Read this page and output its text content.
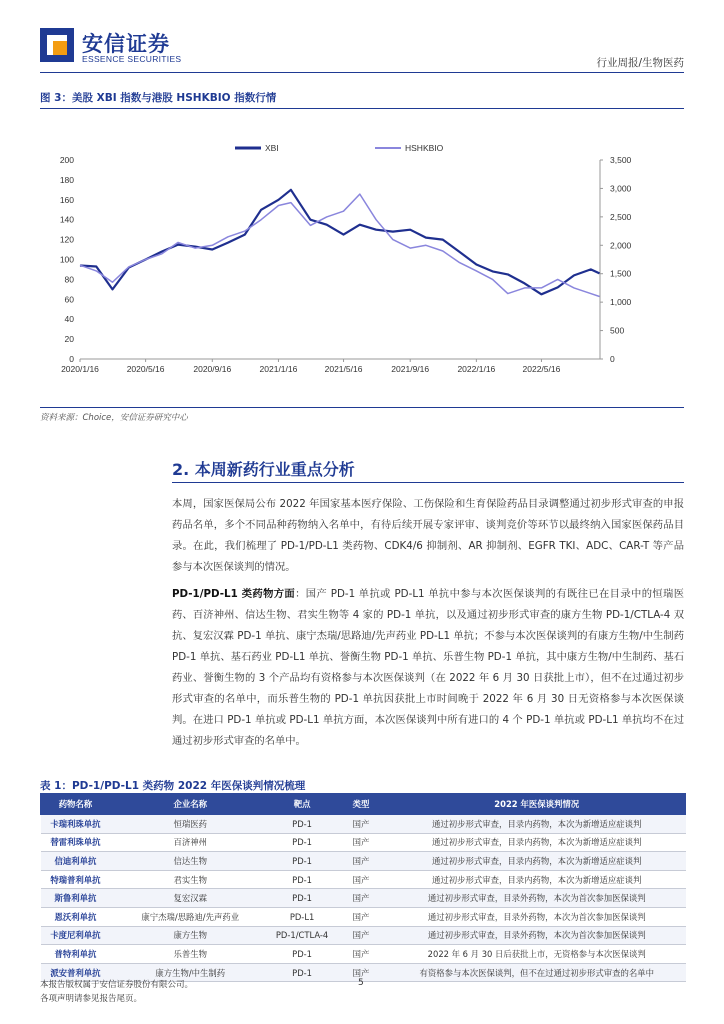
安信证券
ESSENCE SECURITIES	行业周报/生物医药
图 3：美股 XBI 指数与港股 HSHKBIO 指数行情
2020/1/16	2020/5/16	2020/9/16	2021/1/16	2021/5/16	2021/9/16	2022/1/16	2022/5/16
0
20
40
60
80
100
120
140
160
180
200
0
500
1,000
1,500
2,000
2,500
3,000
3,500
XBI	HSHKBIO
资料来源：Choice，安信证券研究中心
2. 本周新药行业重点分析
本周，国家医保局公布 2022 年国家基本医疗保险、工伤保险和生育保险药品目录调整通过初步形式审查的申报药品名单，多个不同品种药物纳入名单中，有待后续开展专家评审、谈判竞价等环节以最终纳入国家医保药品目录。在此，我们梳理了 PD-1/PD-L1 类药物、CDK4/6 抑制剂、AR 抑制剂、EGFR TKI、ADC、CAR-T 等产品参与本次医保谈判的情况。
PD-1/PD-L1 类药物方面：国产 PD-1 单抗或 PD-L1 单抗中参与本次医保谈判的有既往已在目录中的恒瑞医药、百济神州、信达生物、君实生物等 4 家的 PD-1 单抗，以及通过初步形式审查的康方生物 PD-1/CTLA-4 双抗、复宏汉霖 PD-1 单抗、康宁杰瑞/思路迪/先声药业 PD-L1 单抗；不参与本次医保谈判的有康方生物/中生制药 PD-1 单抗、基石药业 PD-L1 单抗、誉衡生物 PD-1 单抗、乐普生物 PD-1 单抗，其中康方生物/中生制药、基石药业、誉衡生物的 3 个产品均有资格参与本次医保谈判（在 2022 年 6 月 30 日获批上市），但不在过通过初步形式审查的名单中，而乐普生物的 PD-1 单抗因获批上市时间晚于 2022 年 6 月 30 日无资格参与本次医保谈判。在进口 PD-1 单抗或 PD-L1 单抗方面，本次医保谈判中所有进口的 4 个 PD-1 单抗或 PD-L1 单抗均不在过通过初步形式审查的名单中。
表 1：PD-1/PD-L1 类药物 2022 年医保谈判情况梳理
药物名称	企业名称	靶点	类型	2022 年医保谈判情况
卡瑞利珠单抗	恒瑞医药	PD-1	国产	通过初步形式审查，目录内药物，本次为新增适应症谈判
替雷利珠单抗	百济神州	PD-1	国产	通过初步形式审查，目录内药物，本次为新增适应症谈判
信迪利单抗	信达生物	PD-1	国产	通过初步形式审查，目录内药物，本次为新增适应症谈判
特瑞普利单抗	君实生物	PD-1	国产	通过初步形式审查，目录内药物，本次为新增适应症谈判
斯鲁利单抗	复宏汉霖	PD-1	国产	通过初步形式审查，目录外药物，本次为首次参加医保谈判
恩沃利单抗	康宁杰瑞/思路迪/先声药业	PD-L1	国产	通过初步形式审查，目录外药物，本次为首次参加医保谈判
卡度尼利单抗	康方生物	PD-1/CTLA-4	国产	通过初步形式审查，目录外药物，本次为首次参加医保谈判
普特利单抗	乐普生物	PD-1	国产	2022 年 6 月 30 日后获批上市，无资格参与本次医保谈判
派安普利单抗	康方生物/中生制药	PD-1	国产	有资格参与本次医保谈判，但不在过通过初步形式审查的名单中
本报告版权属于安信证券股份有限公司。
各项声明请参见报告尾页。
5
